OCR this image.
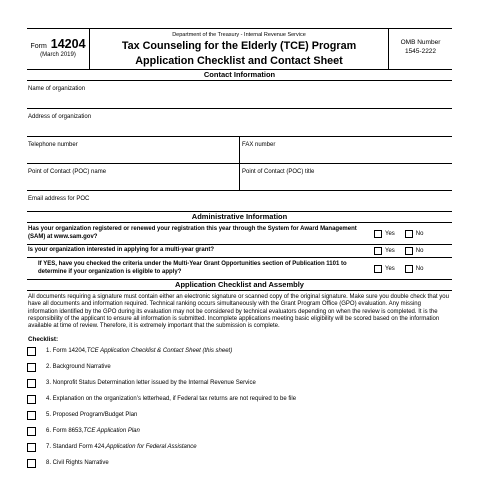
Form 14204
(March 2019)
Department of the Treasury - Internal Revenue Service
Tax Counseling for the Elderly (TCE) Program
Application Checklist and Contact Sheet
OMB Number
1545-2222
Contact Information
Name of organization
Address of organization
Telephone number	FAX number
Point of Contact (POC) name	Point of Contact (POC) title
Email address for POC
Administrative Information
Has your organization registered or renewed your registration this year through the System for Award Management (SAM) at www.sam.gov?	Yes	No
Is your organization interested in applying for a multi-year grant?	Yes	No
If YES, have you checked the criteria under the Multi-Year Grant Opportunities section of Publication 1101 to determine if your organization is eligible to apply?	Yes	No
Application Checklist and Assembly
All documents requiring a signature must contain either an electronic signature or scanned copy of the original signature. Make sure you double check that you have all documents and information required. Technical ranking occurs simultaneously with the Grant Program Office (GPO) evaluation. Any missing information identified by the GPO during its evaluation may not be considered by technical evaluators depending on when the review is completed. It is the responsibility of the applicant to ensure all information is submitted. Incomplete applications meeting basic eligibility will be scored based on the information available at time of review. Therefore, it is extremely important that the submission is complete.
Checklist:
1. Form 14204, TCE Application Checklist & Contact Sheet (this sheet)
2. Background Narrative
3. Nonprofit Status Determination letter issued by the Internal Revenue Service
4. Explanation on the organization’s letterhead, if Federal tax returns are not required to be file
5. Proposed Program/Budget Plan
6. Form 8653, TCE Application Plan
7. Standard Form 424, Application for Federal Assistance
8. Civil Rights Narrative
